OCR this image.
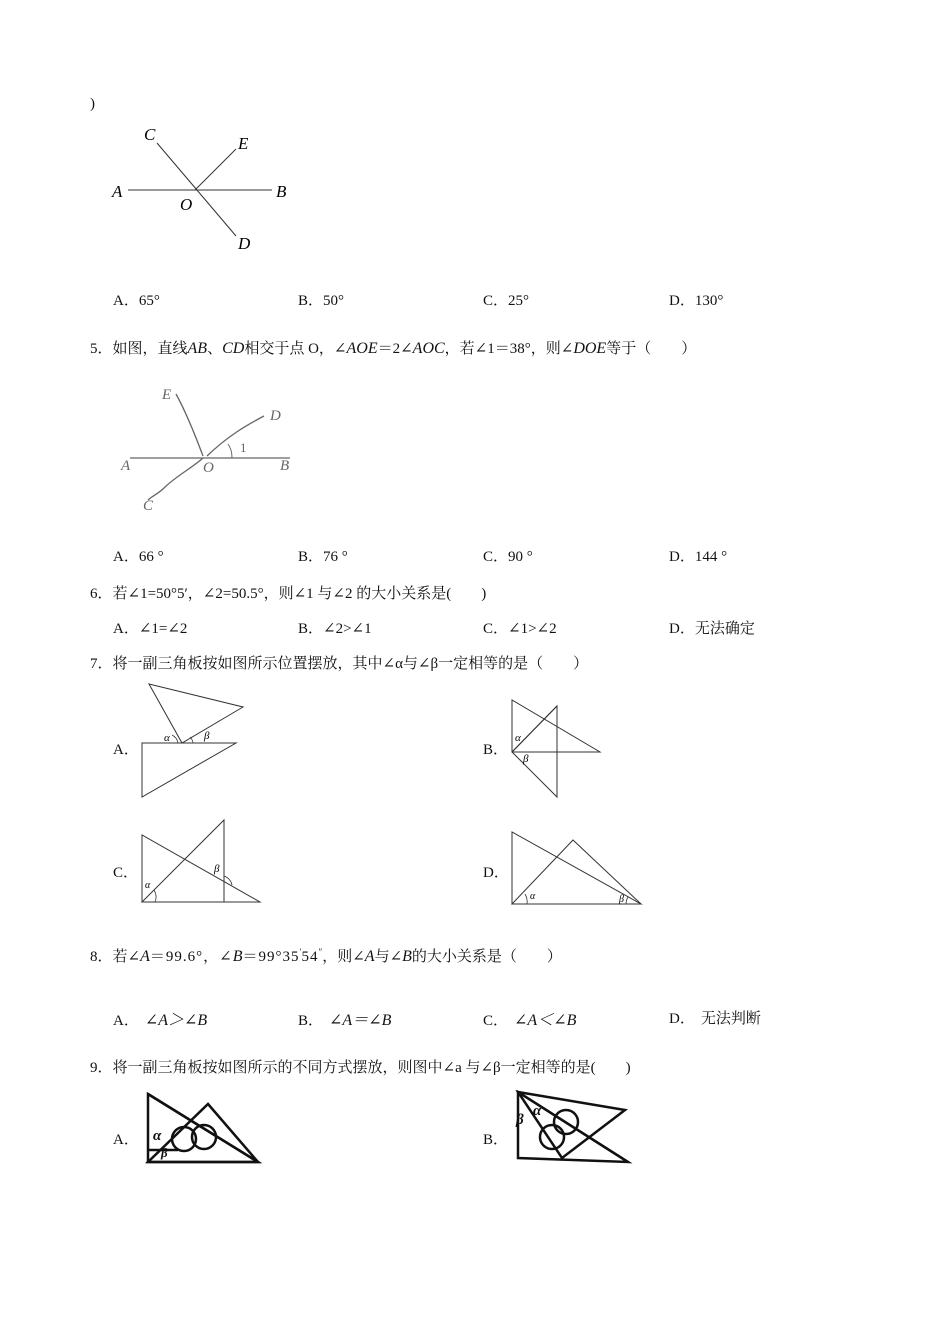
)
C	E
A
O
B
D
A．65°	B．50°	C．25°	D．130°
5．如图，直线AB、CD相交于点 O，∠AOE＝2∠AOC，若∠1＝38°，则∠DOE等于（　　）
E
D
1
A	O	B
C
A．66 °	B．76 °	C．90 °	D．144 °
6．若∠1=50°5′，∠2=50.5°，则∠1 与∠2 的大小关系是(　　)
A．∠1=∠2	B．∠2>∠1	C．∠1>∠2	D．无法确定
7．将一副三角板按如图所示位置摆放，其中∠α与∠β一定相等的是（　　）
A．	B．
C．	D．
α	β	α
β
α
β
α	β
8．若∠A＝99.6°，∠B＝99°35′54″，则∠A与∠B的大小关系是（　　）
A． ∠A＞∠B	B． ∠A＝∠B	C． ∠A＜∠B	D． 无法判断
9．将一副三角板按如图所示的不同方式摆放，则图中∠a 与∠β一定相等的是(　　)
A．	B．
α
β
α
β
